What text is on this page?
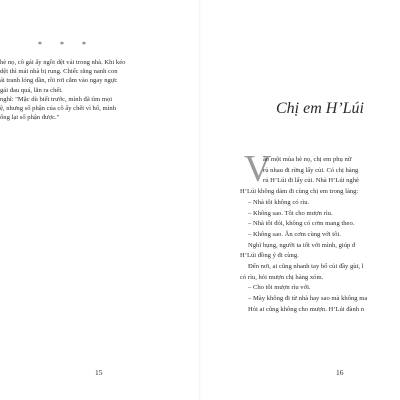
* * *

hè nọ, cô gái ấy ngồi dệt vải trong nhà. Khi kéo

dệt thì mái nhà bị rung. Chiếc răng nanh con

ái tranh lỏng dần, rồi rơi cắm vào ngay ngực

gái đau quá, lăn ra chết.

nghĩ: "Mặc dù biết trước, mình đã tìm mọi

ệ, nhưng số phận của cô ấy chết vì hổ, mình

ống lại số phận được."

15
Chị em H’Lúi
V

ào một mùa hè nọ, chị em phụ nữ

rủ nhau đi rừng lấy củi. Có chị hàng

rủ H’Lúi đi lấy củi. Nhà H’Lúi nghè

H’Lúi không dám đi cùng chị em trong làng:

– Nhà tôi không có rìu.

– Không sao. Tôi cho mượn rìu.

– Nhà tôi đói, không có cơm mang theo.

– Không sao. Ăn cơm cùng với tôi.

Nghĩ bụng, người ta tốt với mình, giúp đ

H’Lúi đồng ý đi cùng.

Đến nơi, ai cũng nhanh tay bổ củi đầy gùi, l

có rìu, hỏi mượn chị hàng xóm.

– Cho tôi mượn rìu với.

– Mày không đi từ nhà hay sao mà không ma

Hỏi ai cũng không cho mượn. H’Lúi đành n

16
